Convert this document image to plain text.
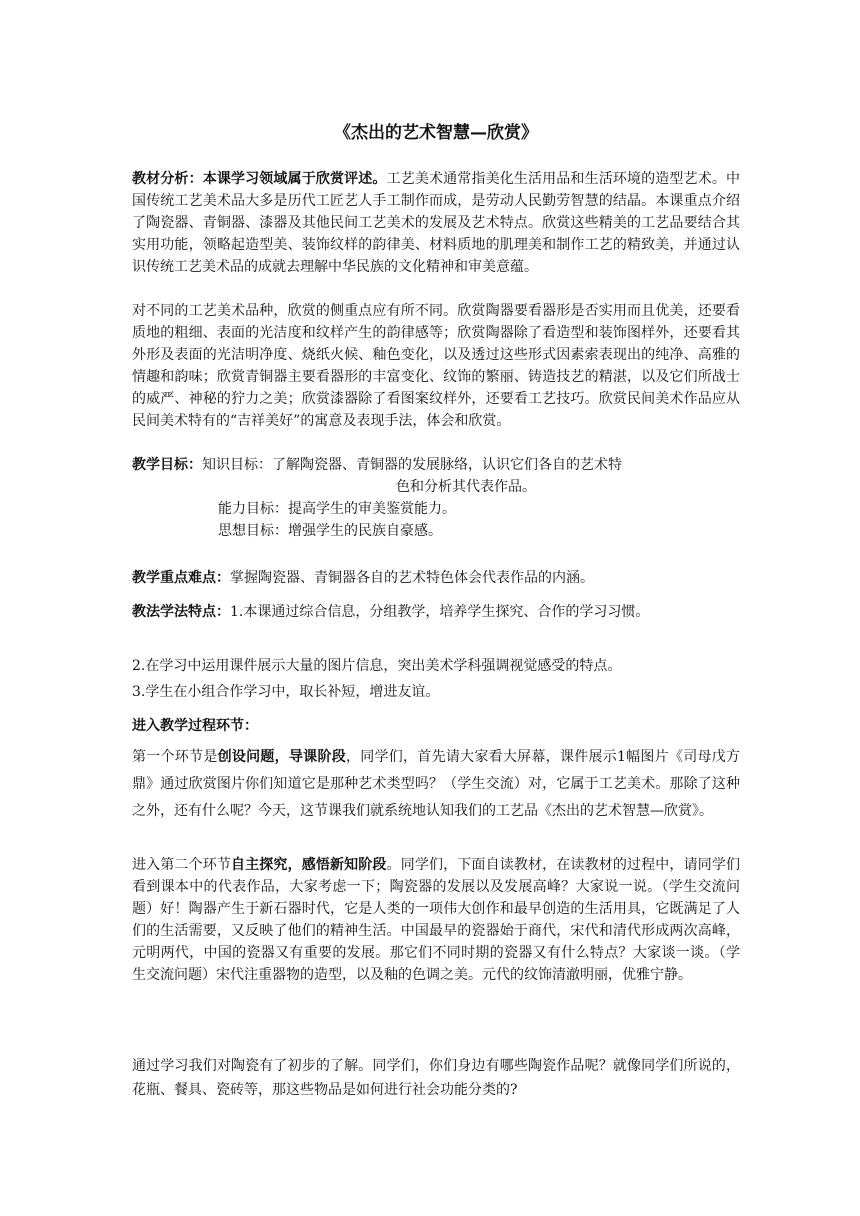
《杰出的艺术智慧—欣赏》
教材分析：本课学习领域属于欣赏评述。工艺美术通常指美化生活用品和生活环境的造型艺术。中国传统工艺美术品大多是历代工匠艺人手工制作而成，是劳动人民勤劳智慧的结晶。本课重点介绍了陶瓷器、青铜器、漆器及其他民间工艺美术的发展及艺术特点。欣赏这些精美的工艺品要结合其实用功能，领略起造型美、装饰纹样的韵律美、材料质地的肌理美和制作工艺的精致美，并通过认识传统工艺美术品的成就去理解中华民族的文化精神和审美意蕴。
对不同的工艺美术品种，欣赏的侧重点应有所不同。欣赏陶器要看器形是否实用而且优美，还要看质地的粗细、表面的光洁度和纹样产生的韵律感等；欣赏陶器除了看造型和装饰图样外，还要看其外形及表面的光洁明净度、烧纸火候、釉色变化，以及透过这些形式因素索表现出的纯净、高雅的情趣和韵味；欣赏青铜器主要看器形的丰富变化、纹饰的繁丽、铸造技艺的精湛，以及它们所战士的威严、神秘的狞力之美；欣赏漆器除了看图案纹样外，还要看工艺技巧。欣赏民间美术作品应从民间美术特有的“吉祥美好”的寓意及表现手法，体会和欣赏。
教学目标：知识目标：了解陶瓷器、青铜器的发展脉络，认识它们各自的艺术特
色和分析其代表作品。
能力目标：提高学生的审美鉴赏能力。
思想目标：增强学生的民族自豪感。
教学重点难点：掌握陶瓷器、青铜器各自的艺术特色体会代表作品的内涵。
教法学法特点：1.本课通过综合信息，分组教学，培养学生探究、合作的学习习惯。
2.在学习中运用课件展示大量的图片信息，突出美术学科强调视觉感受的特点。
3.学生在小组合作学习中，取长补短，增进友谊。
进入教学过程环节：
第一个环节是创设问题，导课阶段，同学们，首先请大家看大屏幕，课件展示1幅图片《司母戊方鼎》通过欣赏图片你们知道它是那种艺术类型吗？（学生交流）对，它属于工艺美术。那除了这种之外，还有什么呢？今天，这节课我们就系统地认知我们的工艺品《杰出的艺术智慧—欣赏》。
进入第二个环节自主探究，感悟新知阶段。同学们，下面自读教材，在读教材的过程中，请同学们看到课本中的代表作品，大家考虑一下；陶瓷器的发展以及发展高峰？大家说一说。（学生交流问题）好！陶器产生于新石器时代，它是人类的一项伟大创作和最早创造的生活用具，它既满足了人们的生活需要，又反映了他们的精神生活。中国最早的瓷器始于商代，宋代和清代形成两次高峰，元明两代，中国的瓷器又有重要的发展。那它们不同时期的瓷器又有什么特点？大家谈一谈。（学生交流问题）宋代注重器物的造型，以及釉的色调之美。元代的纹饰清澈明丽，优雅宁静。
通过学习我们对陶瓷有了初步的了解。同学们，你们身边有哪些陶瓷作品呢？就像同学们所说的，花瓶、餐具、瓷砖等，那这些物品是如何进行社会功能分类的?
